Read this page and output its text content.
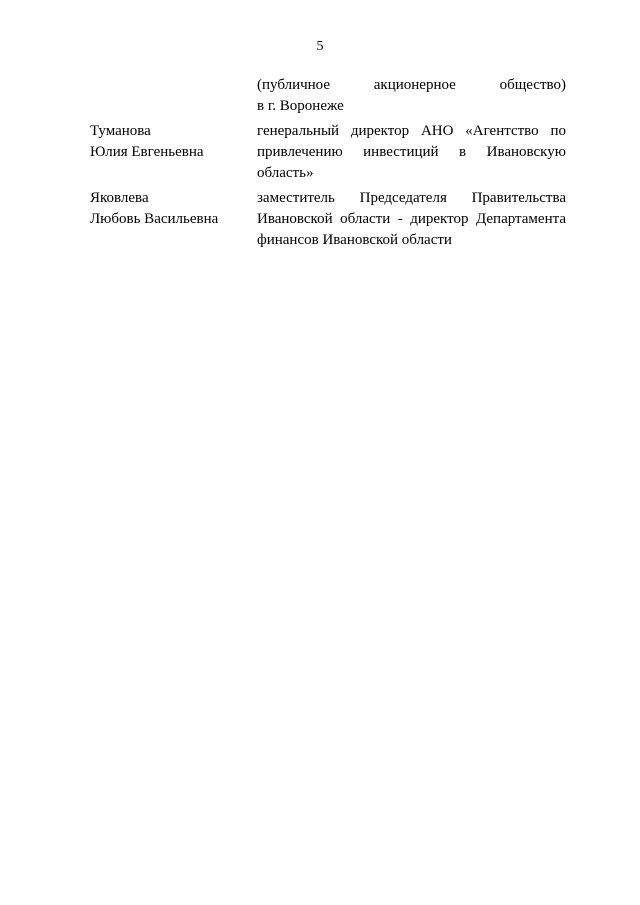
5
(публичное	акционерное	общество)
в г. Воронеже
Туманова
Юлия Евгеньевна
генеральный директор АНО «Агентство по
привлечению инвестиций в Ивановскую
область»
Яковлева
Любовь Васильевна
заместитель Председателя Правительства
Ивановской области - директор Департамента
финансов Ивановской области
